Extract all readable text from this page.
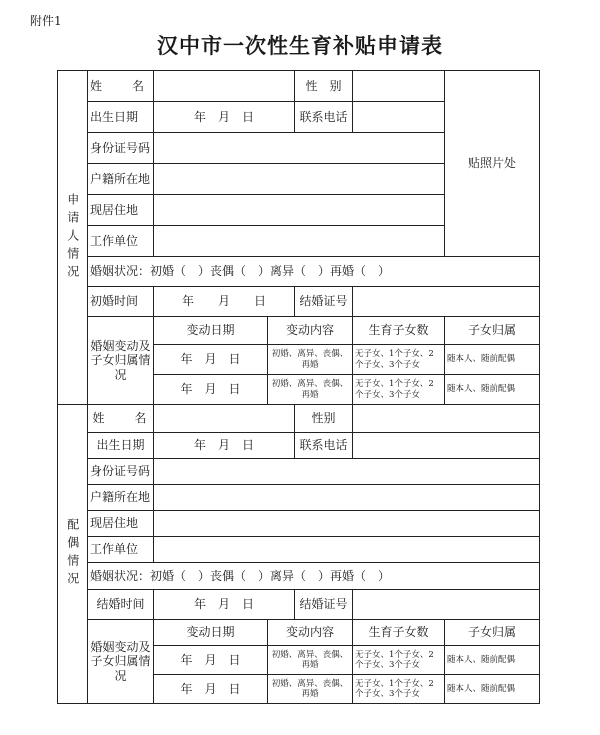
附件1
汉中市一次性生育补贴申请表
申请人情况	姓　　名			性　别		贴照片处
	出生日期	年　月　日		联系电话		
	身份证号码					
	户籍所在地					
	现居住地					
	工作单位					
	婚姻状况：初婚（　）丧偶（　）离异（　）再婚（　）					
	初婚时间	年　　月　　日		结婚证号		
	婚姻变动及子女归属情况	变动日期	变动内容		生育子女数	子女归属
		年　月　日	初婚、离异、丧偶、再婚		无子女、1个子女、2个子女、3个子女	随本人、随前配偶
		年　月　日	初婚、离异、丧偶、再婚		无子女、1个子女、2个子女、3个子女	随本人、随前配偶
配偶情况	姓　　名			性别		
	出生日期	年　月　日		联系电话		
	身份证号码					
	户籍所在地					
	现居住地					
	工作单位					
	婚姻状况：初婚（　）丧偶（　）离异（　）再婚（　）					
	结婚时间	年　月　日		结婚证号		
	婚姻变动及子女归属情况	变动日期	变动内容		生育子女数	子女归属
		年　月　日	初婚、离异、丧偶、再婚		无子女、1个子女、2个子女、3个子女	随本人、随前配偶
		年　月　日	初婚、离异、丧偶、再婚		无子女、1个子女、2个子女、3个子女	随本人、随前配偶
